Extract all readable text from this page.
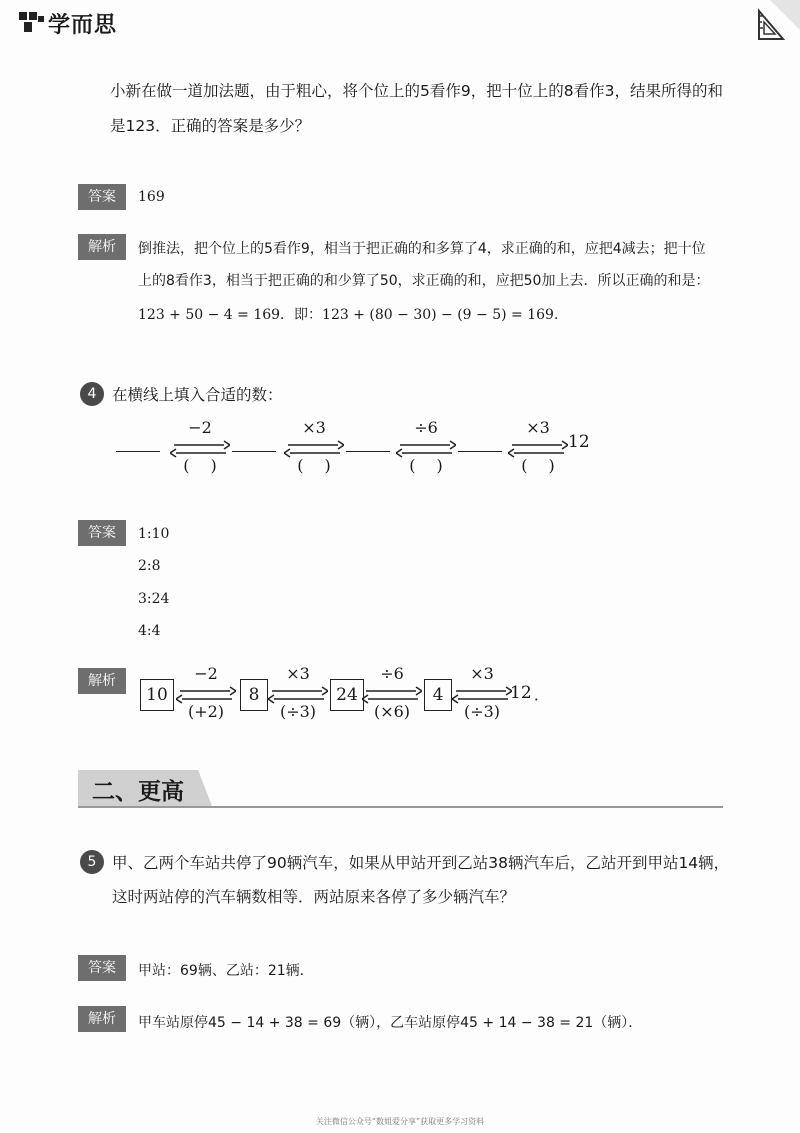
学而思
小新在做一道加法题，由于粗心，将个位上的5看作9，把十位上的8看作3，结果所得的和
是123．正确的答案是多少？
答案	169
解析	倒推法，把个位上的5看作9，相当于把正确的和多算了4，求正确的和，应把4减去；把十位
上的8看作3，相当于把正确的和少算了50，求正确的和，应把50加上去．所以正确的和是：
123 + 50 − 4 = 169．即：123 + (80 − 30) − (9 − 5) = 169．
4	在横线上填入合适的数：
−2
(  )
×3
(  )
÷6
(  )
×3
(  )
12
答案	1:10
2:8
3:24
4:4
解析
10
−2
(+2)
8
×3
(÷3)
24
÷6
(×6)
4
×3
(÷3)
12 ．
二、更高
5	甲、乙两个车站共停了90辆汽车，如果从甲站开到乙站38辆汽车后，乙站开到甲站14辆，
这时两站停的汽车辆数相等．两站原来各停了多少辆汽车？
答案	甲站：69辆、乙站：21辆．
解析	甲车站原停45 − 14 + 38 = 69（辆），乙车站原停45 + 14 − 38 = 21（辆）．
关注微信公众号“数姐爱分享”获取更多学习资料
